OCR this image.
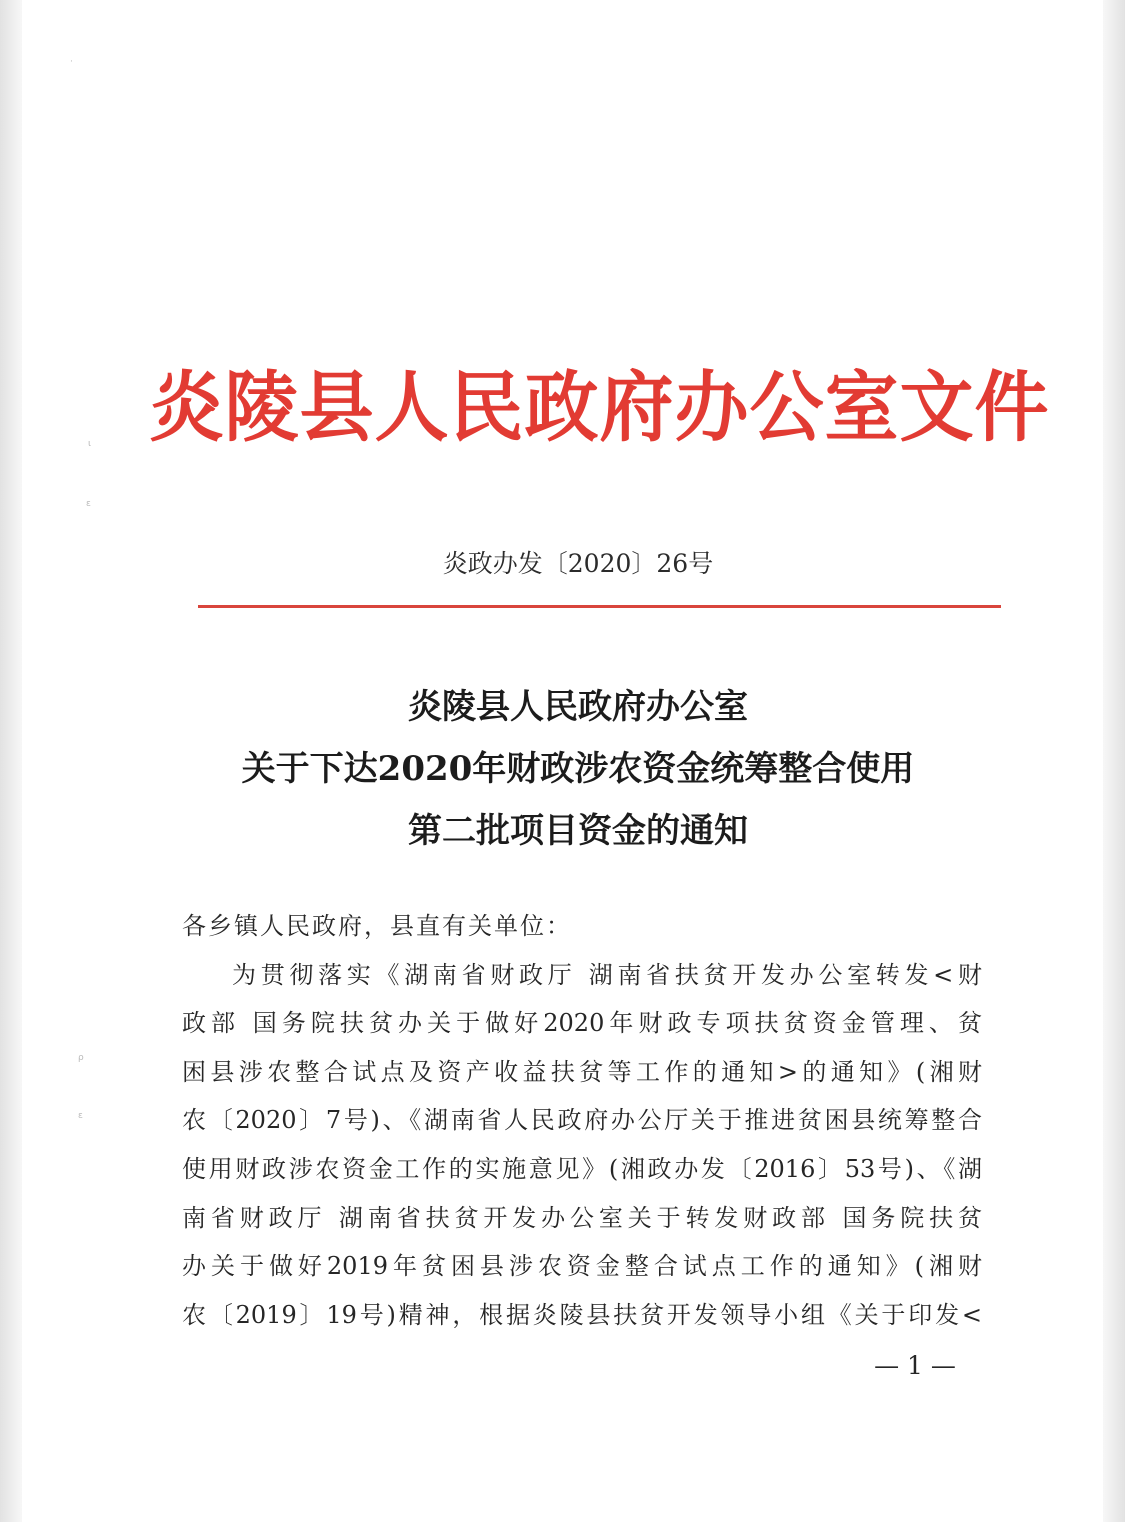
·
ι
ε
ρ
ε
炎陵县人民政府办公室文件
炎政办发〔2020〕26号
炎陵县人民政府办公室
关于下达2020年财政涉农资金统筹整合使用
第二批项目资金的通知
各乡镇人民政府，县直有关单位：
为贯彻落实《湖南省财政厅 湖南省扶贫开发办公室转发<财
政部 国务院扶贫办关于做好2020年财政专项扶贫资金管理、贫
困县涉农整合试点及资产收益扶贫等工作的通知>的通知》(湘财
农〔2020〕7号)、《湖南省人民政府办公厅关于推进贫困县统筹整合
使用财政涉农资金工作的实施意见》(湘政办发〔2016〕53号)、《湖
南省财政厅 湖南省扶贫开发办公室关于转发财政部 国务院扶贫
办关于做好2019年贫困县涉农资金整合试点工作的通知》(湘财
农〔2019〕19号)精神，根据炎陵县扶贫开发领导小组《关于印发<
— 1 —
